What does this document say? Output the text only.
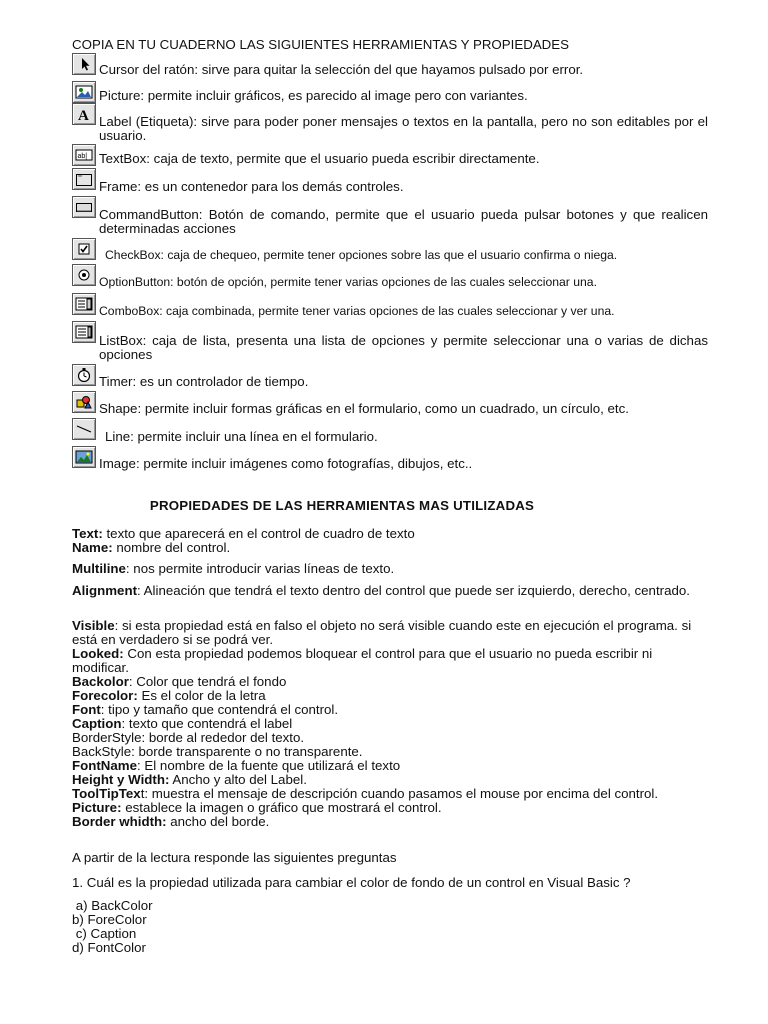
COPIA EN TU CUADERNO LAS SIGUIENTES HERRAMIENTAS Y PROPIEDADES
Cursor del ratón: sirve para quitar la selección del que hayamos pulsado por error.
Picture: permite incluir gráficos, es parecido al image pero con variantes.
A Label (Etiqueta): sirve para poder poner mensajes o textos en la pantalla, pero no son editables por el usuario.
ab| TextBox: caja de texto, permite que el usuario pueda escribir directamente.
xv
Frame: es un contenedor para los demás controles.
CommandButton: Botón de comando, permite que el usuario pueda pulsar botones y que realicen determinadas acciones
CheckBox: caja de chequeo, permite tener opciones sobre las que el usuario confirma o niega.
OptionButton: botón de opción, permite tener varias opciones de las cuales seleccionar una.
ComboBox: caja combinada, permite tener varias opciones de las cuales seleccionar y ver una.
ListBox: caja de lista, presenta una lista de opciones y permite seleccionar una o varias de dichas opciones
Timer: es un controlador de tiempo.
Shape: permite incluir formas gráficas en el formulario, como un cuadrado, un círculo, etc.
Line: permite incluir una línea en el formulario.
Image: permite incluir imágenes como fotografías, dibujos, etc..
PROPIEDADES DE LAS HERRAMIENTAS MAS UTILIZADAS
Text: texto que aparecerá en el control de cuadro de texto
Name: nombre del control.
Multiline: nos permite introducir varias líneas de texto.
Alignment: Alineación que tendrá el texto dentro del control que puede ser izquierdo, derecho, centrado.
Visible: si esta propiedad está en falso el objeto no será visible cuando este en ejecución el programa. si está en verdadero si se podrá ver.
Looked: Con esta propiedad podemos bloquear el control para que el usuario no pueda escribir ni modificar.
Backolor: Color que tendrá el fondo
Forecolor: Es el color de la letra
Font: tipo y tamaño que contendrá el control.
Caption: texto que contendrá el label
BorderStyle: borde al rededor del texto.
BackStyle: borde transparente o no transparente.
FontName: El nombre de la fuente que utilizará el texto
Height y Width: Ancho y alto del Label.
ToolTipText: muestra el mensaje de descripción cuando pasamos el mouse por encima del control.
Picture: establece la imagen o gráfico que mostrará el control.
Border whidth: ancho del borde.
A partir de la lectura responde las siguientes preguntas
1. Cuál es la propiedad utilizada para cambiar el color de fondo de un control en Visual Basic ?
a) BackColor
b) ForeColor
c) Caption
d) FontColor
